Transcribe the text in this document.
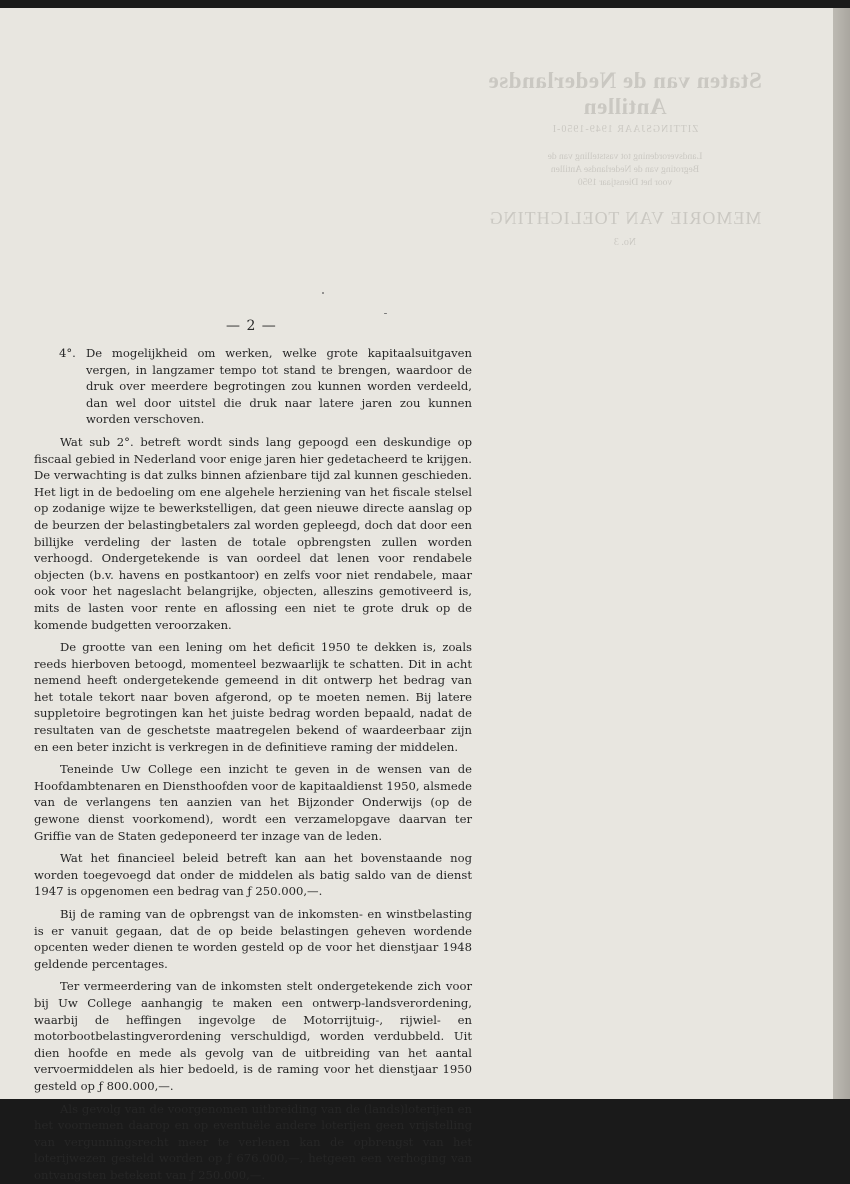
Staten van de Nederlandse Antillen
ZITTINGSJAAR 1949-1950-I
Landsverordening tot vaststelling van de
Begroting van de Nederlandse Antillen
voor het Dienstjaar 1950
MEMORIE VAN TOELICHTING
No. 3
— 2 —
4°. De mogelijkheid om werken, welke grote kapitaalsuitgaven vergen, in langzamer tempo tot stand te brengen, waardoor de druk over meerdere begrotingen zou kunnen worden verdeeld, dan wel door uitstel die druk naar latere jaren zou kunnen worden verschoven.

Wat sub 2°. betreft wordt sinds lang gepoogd een deskundige op fiscaal gebied in Nederland voor enige jaren hier gedetacheerd te krijgen. De verwachting is dat zulks binnen afzienbare tijd zal kunnen geschieden. Het ligt in de bedoeling om ene algehele herziening van het fiscale stelsel op zodanige wijze te bewerkstelligen, dat geen nieuwe directe aanslag op de beurzen der belastingbetalers zal worden gepleegd, doch dat door een billijke verdeling der lasten de totale opbrengsten zullen worden verhoogd. Ondergetekende is van oordeel dat lenen voor rendabele objecten (b.v. havens en postkantoor) en zelfs voor niet rendabele, maar ook voor het nageslacht belangrijke, objecten, alleszins gemotiveerd is, mits de lasten voor rente en aflossing een niet te grote druk op de komende budgetten veroorzaken.

De grootte van een lening om het deficit 1950 te dekken is, zoals reeds hierboven betoogd, momenteel bezwaarlijk te schatten. Dit in acht nemend heeft ondergetekende gemeend in dit ontwerp het bedrag van het totale tekort naar boven afgerond, op te moeten nemen. Bij latere suppletoire begrotingen kan het juiste bedrag worden bepaald, nadat de resultaten van de geschetste maatregelen bekend of waardeerbaar zijn en een beter inzicht is verkregen in de definitieve raming der middelen.

Teneinde Uw College een inzicht te geven in de wensen van de Hoofdambtenaren en Diensthoofden voor de kapitaaldienst 1950, alsmede van de verlangens ten aanzien van het Bijzonder Onderwijs (op de gewone dienst voorkomend), wordt een verzamelopgave daarvan ter Griffie van de Staten gedeponeerd ter inzage van de leden.

Wat het financieel beleid betreft kan aan het bovenstaande nog worden toegevoegd dat onder de middelen als batig saldo van de dienst 1947 is opgenomen een bedrag van ƒ 250.000,—.

Bij de raming van de opbrengst van de inkomsten- en winstbelasting is er vanuit gegaan, dat de op beide belastingen geheven wordende opcenten weder dienen te worden gesteld op de voor het dienstjaar 1948 geldende percentages.

Ter vermeerdering van de inkomsten stelt ondergetekende zich voor bij Uw College aanhangig te maken een ontwerp-landsverordening, waarbij de heffingen ingevolge de Motorrijtuig-, rijwiel- en motorbootbelastingverordening verschuldigd, worden verdubbeld. Uit dien hoofde en mede als gevolg van de uitbreiding van het aantal vervoermiddelen als hier bedoeld, is de raming voor het dienstjaar 1950 gesteld op ƒ 800.000,—.

Als gevolg van de voorgenomen uitbreiding van de (lands)loterijen en het voornemen daarop en op eventuële andere loterijen geen vrijstelling van vergunningsrecht meer te verlenen kan de opbrengst van het loterijwezen gesteld worden op ƒ 676.000,—, hetgeen een verhoging van ontvangsten betekent van ƒ 250.000,—.
